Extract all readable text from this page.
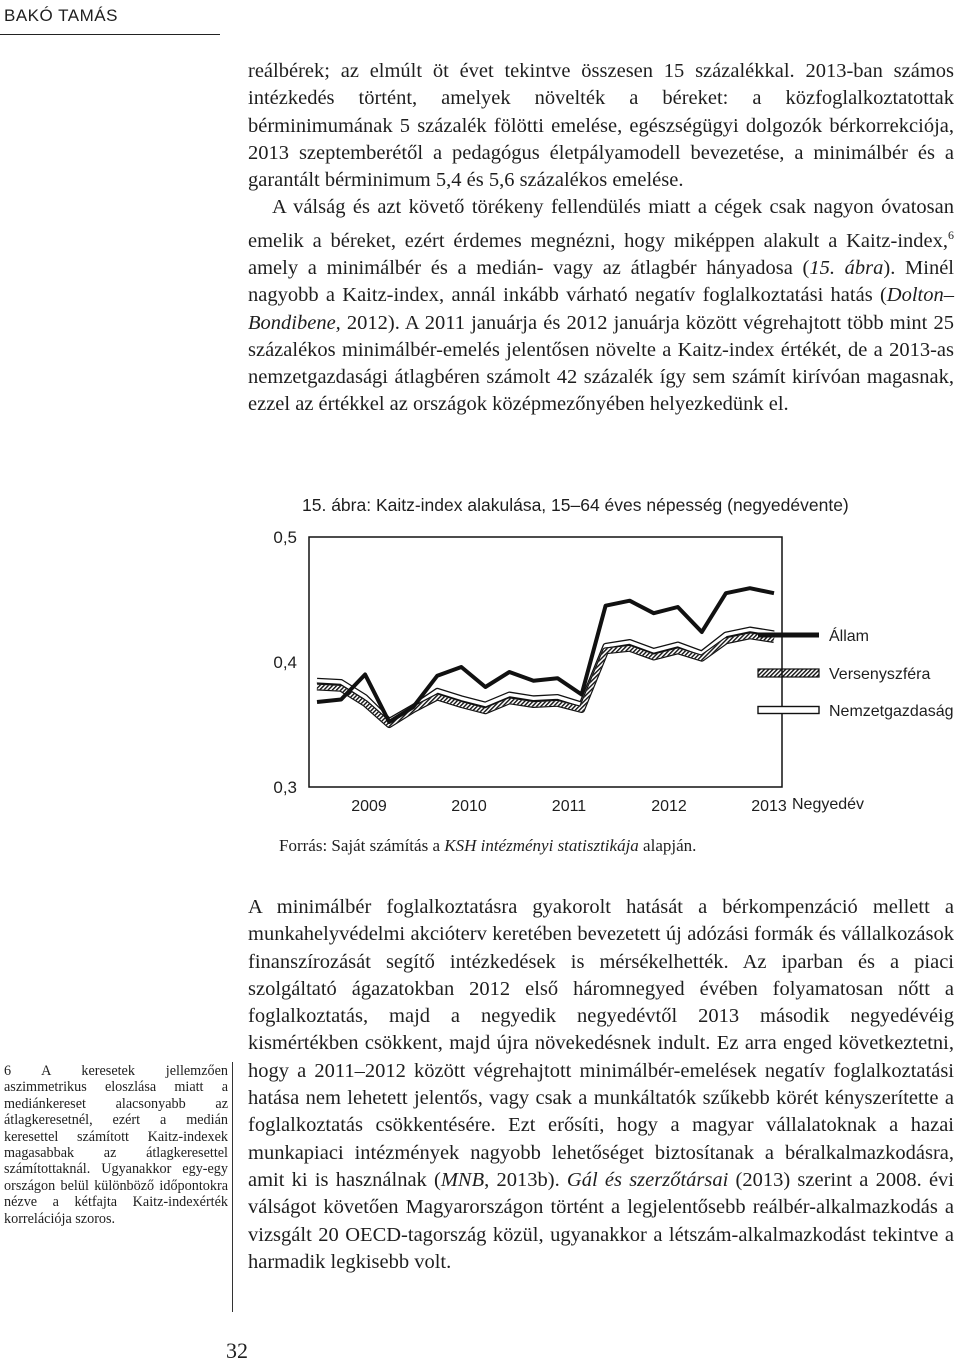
BAKÓ TAMÁS

reálbérek; az elmúlt öt évet tekintve összesen 15 százalékkal. 2013-ban számos intézkedés történt, amelyek növelték a béreket: a közfoglalkoztatottak bérminimumának 5 százalék fölötti emelése, egészségügyi dolgozók bérkorrekciója, 2013 szeptemberétől a pedagógus életpályamodell bevezetése, a minimálbér és a garantált bérminimum 5,4 és 5,6 százalékos emelése.

A válság és azt követő törékeny fellendülés miatt a cégek csak nagyon óvatosan emelik a béreket, ezért érdemes megnézni, hogy miképpen alakult a Kaitz-index,$^6$ amely a minimálbér és a medián- vagy az átlagbér hányadosa (15. ábra). Minél nagyobb a Kaitz-index, annál inkább várható negatív foglalkoztatási hatás (Dolton–Bondibene, 2012). A 2011 januárja és 2012 januárja között végrehajtott több mint 25 százalékos minimálbér-emelés jelentősen növelte a Kaitz-index értékét, de a 2013-as nemzetgazdasági átlagbéren számolt 42 százalék így sem számít kirívóan magasnak, ezzel az értékkel az országok középmezőnyében helyezkedünk el.

15. ábra: Kaitz-index alakulása, 15–64 éves népesség (negyedévente)
0,3
0,4
0,5
2009	2010	2011	2012	2013 Negyedév
Állam
Versenyszféra
Nemzetgazdaság
Forrás: Saját számítás a KSH intézményi statisztikája alapján.
6 A keresetek jellemzően aszimmetrikus eloszlása miatt a mediánkereset alacsonyabb az átlagkeresetnél, ezért a medián keresettel számított Kaitz-indexek magasabbak az átlagkeresettel számítottaknál. Ugyanakkor egy-egy országon belül különböző időpontokra nézve a kétfajta Kaitz-indexérték korrelációja szoros.

A minimálbér foglalkoztatásra gyakorolt hatását a bérkompenzáció mellett a munkahelyvédelmi akcióterv keretében bevezetett új adózási formák és vállalkozások finanszírozását segítő intézkedések is mérsékelhették. Az iparban és a piaci szolgáltató ágazatokban 2012 első háromnegyed évében folyamatosan nőtt a foglalkoztatás, majd a negyedik negyedévtől 2013 második negyedévéig kismértékben csökkent, majd újra növekedésnek indult. Ez arra enged következtetni, hogy a 2011–2012 között végrehajtott minimálbér-emelések negatív foglalkoztatási hatása nem lehetett jelentős, vagy csak a munkáltatók szűkebb körét kényszerítette a foglalkoztatás csökkentésére. Ezt erősíti, hogy a magyar vállalatoknak a hazai munkapiaci intézmények nagyobb lehetőséget biztosítanak a béralkalmazkodásra, amit ki is használnak (MNB, 2013b). Gál és szerzőtársai (2013) szerint a 2008. évi válságot követően Magyarországon történt a legjelentősebb reálbér-alkalmazkodás a vizsgált 20 OECD-tagország közül, ugyanakkor a létszám-alkalmazkodást tekintve a harmadik legkisebb volt.

32
